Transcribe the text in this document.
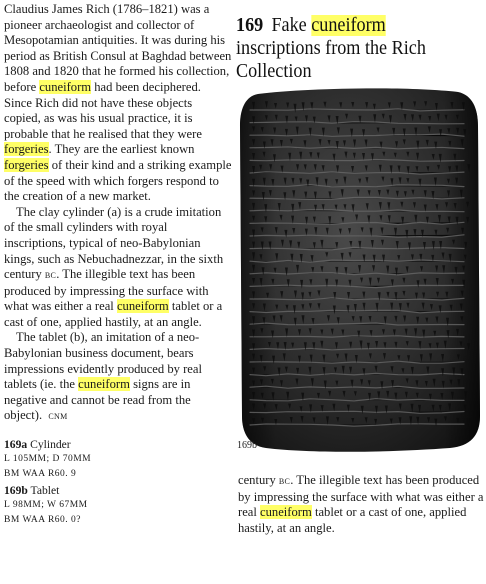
Claudius James Rich (1786–1821) was a pioneer archaeologist and collector of Mesopotamian antiquities. It was during his period as British Consul at Baghdad between 1808 and 1820 that he formed his collection, before cuneiform had been deciphered. Since Rich did not have these objects copied, as was his usual practice, it is probable that he realised that they were forgeries. They are the earliest known forgeries of their kind and a striking example of the speed with which forgers respond to the creation of a new market.

The clay cylinder (a) is a crude imitation of the small cylinders with royal inscriptions, typical of neo-Babylonian kings, such as Nebuchadnezzar, in the sixth century bc. The illegible text has been produced by impressing the surface with what was either a real cuneiform tablet or a cast of one, applied hastily, at an angle.

The tablet (b), an imitation of a neo-Babylonian business document, bears impressions evidently produced by real tablets (ie. the cuneiform signs are in negative and cannot be read from the object). cnm

169a Cylinder
L 105MM; D 70MM
BM WAA R60. 9
169b Tablet
L 98MM; W 67MM
BM WAA R60. 0?
169 Fake cuneiform inscriptions from the Rich Collection
169b

century bc. The illegible text has been produced by impressing the surface with what was either a real cuneiform tablet or a cast of one, applied hastily, at an angle.
